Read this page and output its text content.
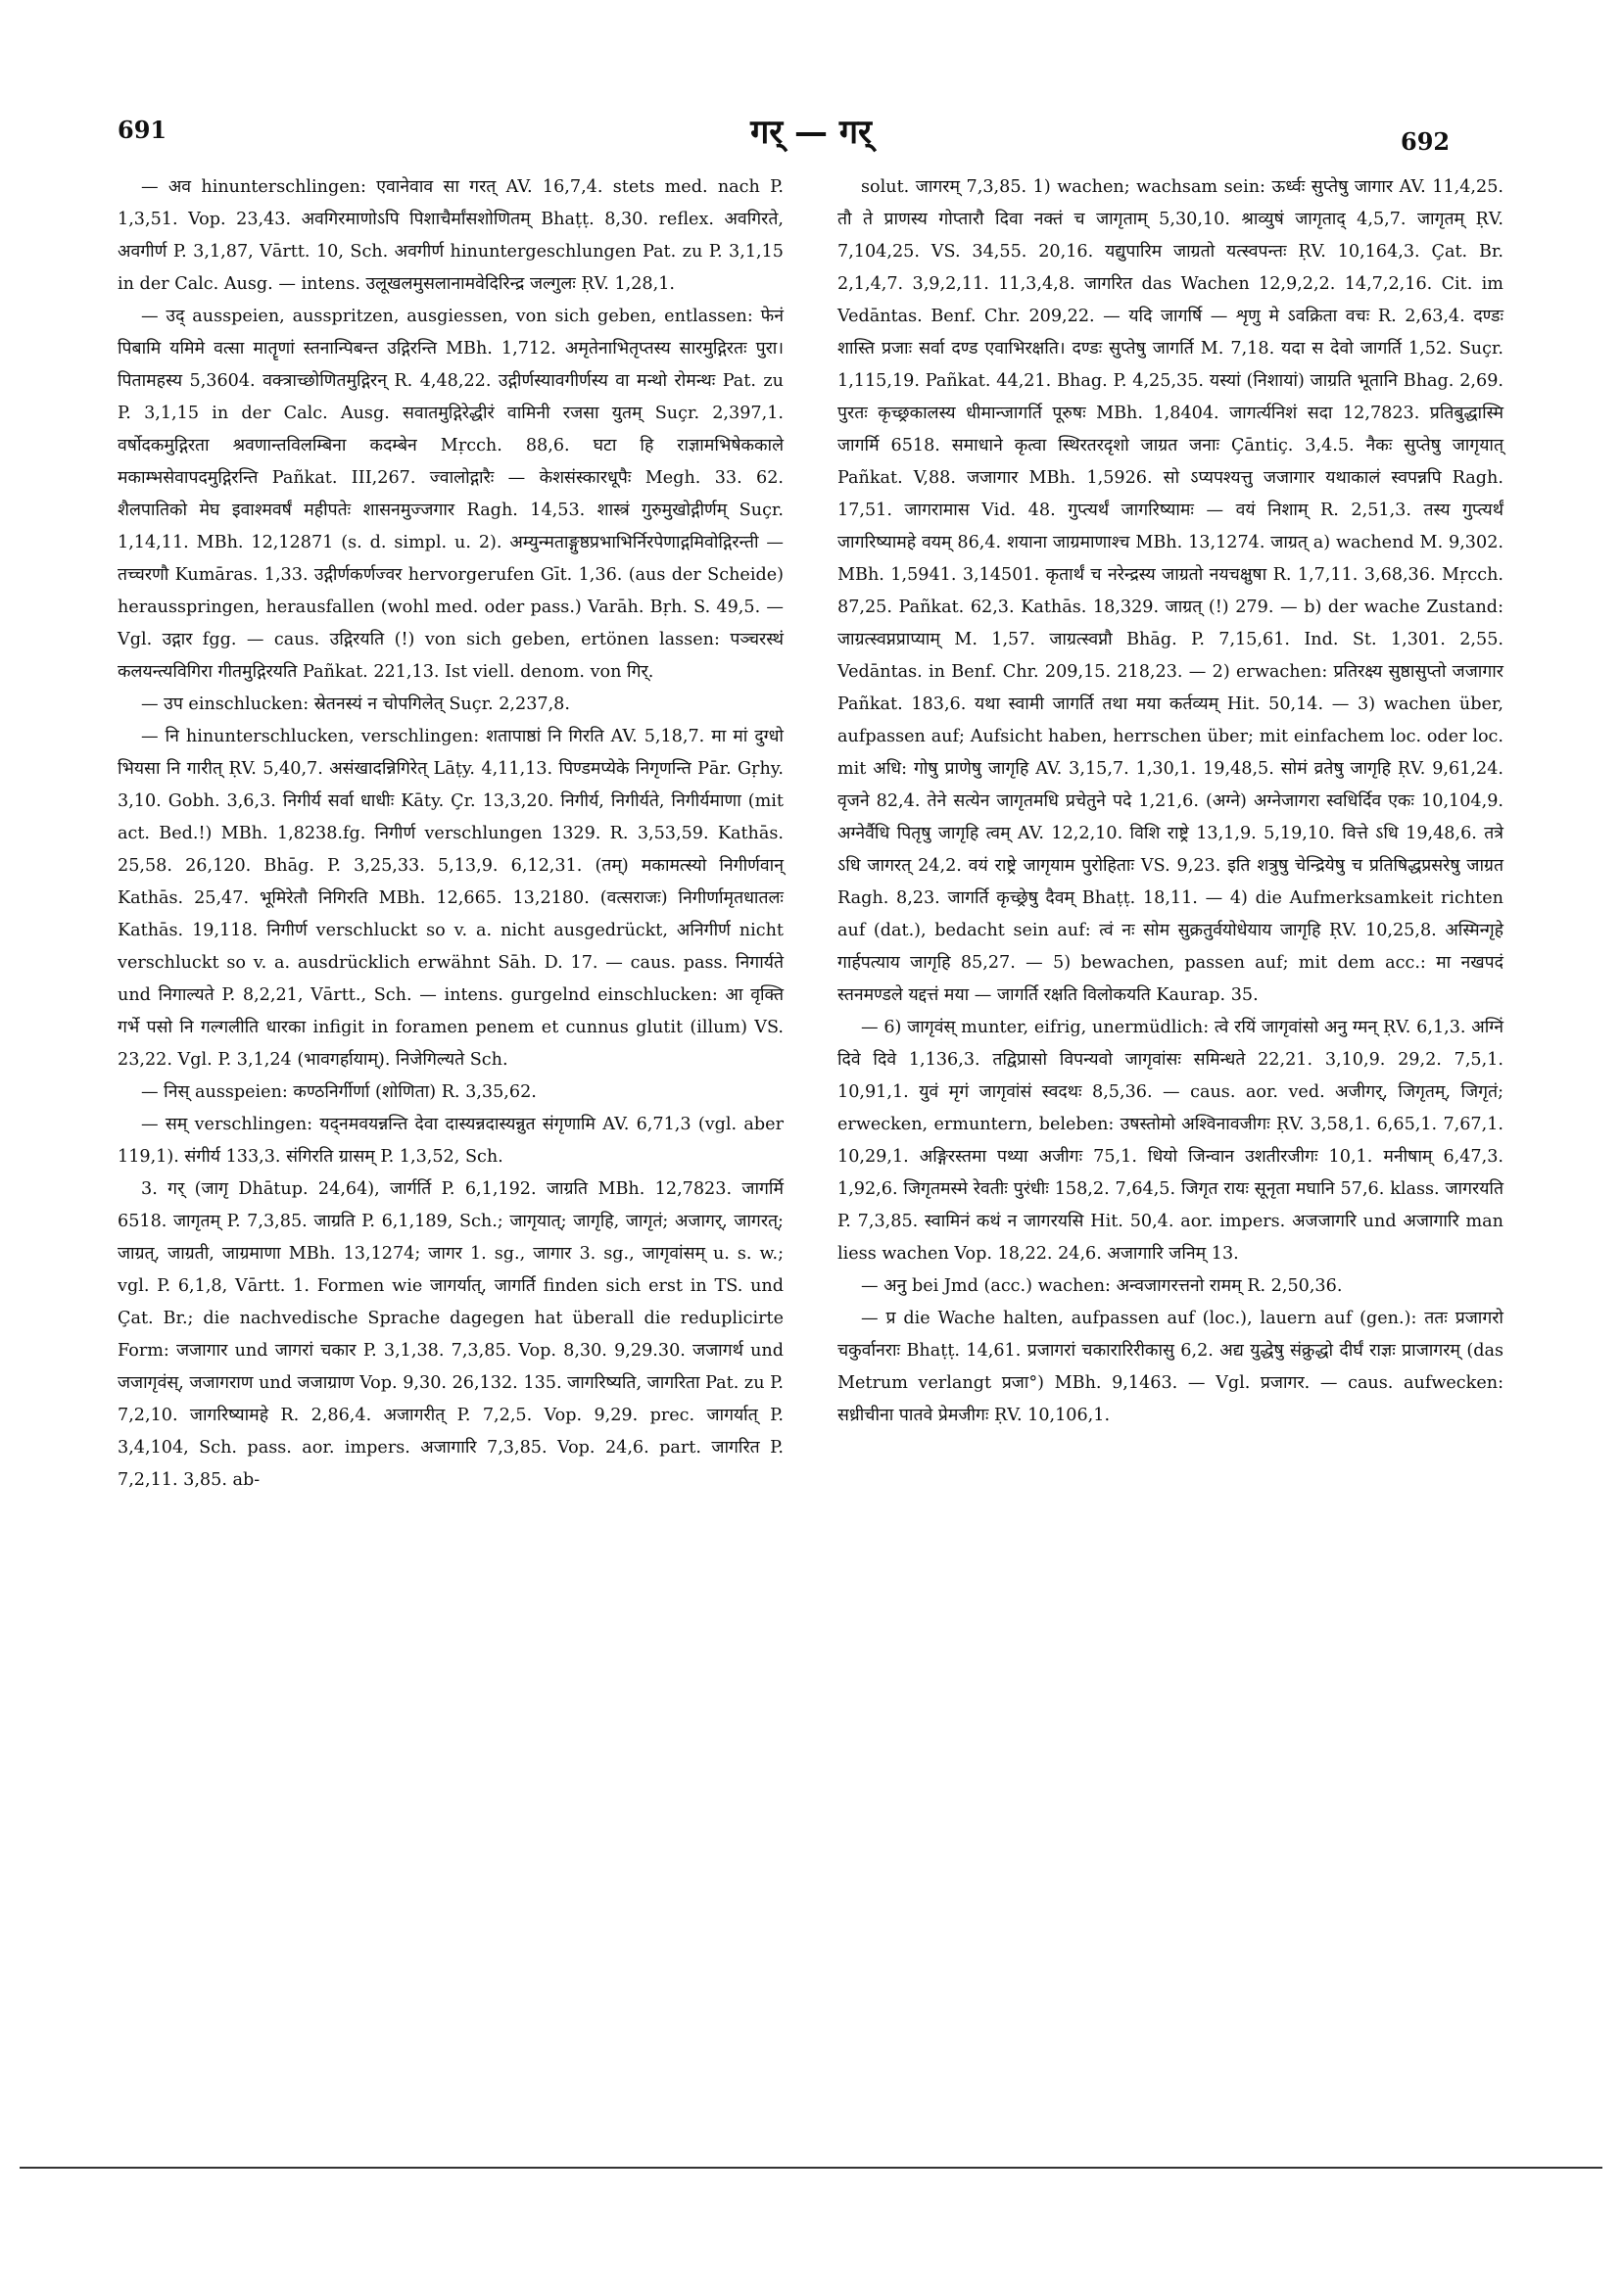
691	गर् — गर्	692

— अव hinunterschlingen: एवानेवाव सा गरत् AV. 16,7,4. stets med. nach P. 1,3,51. Vop. 23,43. अवगिरमाणोऽपि पिशाचैर्मांसशोणितम् Bhaṭṭ. 8,30. reflex. अवगिरते, अवगीर्ण P. 3,1,87, Vārtt. 10, Sch. अवगीर्ण hinuntergeschlungen Pat. zu P. 3,1,15 in der Calc. Ausg. — intens. उलूखलमुसलानामवेदिरिन्द्र जल्गुलः ṚV. 1,28,1.

— उद् ausspeien, ausspritzen, ausgiessen, von sich geben, entlassen: फेनं पिबामि यमिमे वत्सा मातॄणां स्तनान्पिबन्त उद्गिरन्ति MBh. 1,712. अमृतेनाभितृप्तस्य सारमुद्गिरतः पुरा। पितामहस्य 5,3604. वक्त्राच्छोणितमुद्गिरन् R. 4,48,22. उद्गीर्णस्यावगीर्णस्य वा मन्थो रोमन्थः Pat. zu P. 3,1,15 in der Calc. Ausg. सवातमुद्गिरेद्धीरं वामिनी रजसा युतम् Suçr. 2,397,1. वर्षोदकमुद्गिरता श्रवणान्तविलम्बिना कदम्बेन Mṛcch. 88,6. घटा हि राज्ञामभिषेककाले मकाम्भसेवापदमुद्गिरन्ति Pañkat. III,267. ज्वालोद्गारैः — केशसंस्कारधूपैः Megh. 33. 62. शैलपातिको मेघ इवाश्मवर्षं महीपतेः शासनमुज्जगार Ragh. 14,53. शास्त्रं गुरुमुखोद्गीर्णम् Suçr. 1,14,11. MBh. 12,12871 (s. d. simpl. u. 2). अम्युन्मताङ्गुष्ठप्रभाभिर्निरपेणाद्गमिवोद्गिरन्ती — तच्चरणौ Kumāras. 1,33. उद्गीर्णकर्णज्वर hervorgerufen Gīt. 1,36. (aus der Scheide) herausspringen, herausfallen (wohl med. oder pass.) Varāh. Bṛh. S. 49,5. — Vgl. उद्गार fgg. — caus. उद्गिरयति (!) von sich geben, ertönen lassen: पञ्चरस्थं कलयन्त्यविगिरा गीतमुद्गिरयति Pañkat. 221,13. Ist viell. denom. von गिर्.

— उप einschlucken: स्रेतनस्यं न चोपगिलेत् Suçr. 2,237,8.

— नि hinunterschlucken, verschlingen: शतापाष्ठां नि गिरति AV. 5,18,7. मा मां दुग्धो भियसा नि गारीत् ṚV. 5,40,7. असंखादन्निगिरेत् Lāṭy. 4,11,13. पिण्डमप्येके निगृणन्ति Pār. Gṛhy. 3,10. Gobh. 3,6,3. निगीर्य सर्वा धाधीः Kāty. Çr. 13,3,20. निगीर्य, निगीर्यते, निगीर्यमाणा (mit act. Bed.!) MBh. 1,8238.fg. निगीर्ण verschlungen 1329. R. 3,53,59. Kathās. 25,58. 26,120. Bhāg. P. 3,25,33. 5,13,9. 6,12,31. (तम्) मकामत्स्यो निगीर्णवान् Kathās. 25,47. भूमिरेतौ निगिरति MBh. 12,665. 13,2180. (वत्सराजः) निगीर्णामृतधातलः Kathās. 19,118. निगीर्ण verschluckt so v. a. nicht ausgedrückt, अनिगीर्ण nicht verschluckt so v. a. ausdrücklich erwähnt Sāh. D. 17. — caus. pass. निगार्यते und निगाल्यते P. 8,2,21, Vārtt., Sch. — intens. gurgelnd einschlucken: आ वृक्ति गर्भे पसो नि गल्गलीति धारका infigit in foramen penem et cunnus glutit (illum) VS. 23,22. Vgl. P. 3,1,24 (भावगर्हायाम्). निजेगिल्यते Sch.

— निस् ausspeien: कण्ठनिर्गीर्णा (शोणिता) R. 3,35,62.

— सम् verschlingen: यद्नमवयन्नन्ति देवा दास्यन्नदास्यन्नुत संगृणामि AV. 6,71,3 (vgl. aber 119,1). संगीर्य 133,3. संगिरति ग्रासम् P. 1,3,52, Sch.

3. गर् (जागृ Dhātup. 24,64), जार्गर्ति P. 6,1,192. जाग्रति MBh. 12,7823. जागर्मि 6518. जागृतम् P. 7,3,85. जाग्रति P. 6,1,189, Sch.; जागृयात्; जागृहि, जागृतं; अजागर्, जागरत्; जाग्रत्, जाग्रती, जाग्रमाणा MBh. 13,1274; जागर 1. sg., जागार 3. sg., जागृवांसम् u. s. w.; vgl. P. 6,1,8, Vārtt. 1. Formen wie जागर्यात्, जागर्ति finden sich erst in TS. und Çat. Br.; die nachvedische Sprache dagegen hat überall die reduplicirte Form: जजागार und जागरां चकार P. 3,1,38. 7,3,85. Vop. 8,30. 9,29.30. जजागर्थ und जजागृवंस्, जजागराण und जजाग्राण Vop. 9,30. 26,132. 135. जागरिष्यति, जागरिता Pat. zu P. 7,2,10. जागरिष्यामहे R. 2,86,4. अजागरीत् P. 7,2,5. Vop. 9,29. prec. जागर्यात् P. 3,4,104, Sch. pass. aor. impers. अजागारि 7,3,85. Vop. 24,6. part. जागरित P. 7,2,11. 3,85. ab-

solut. जागरम् 7,3,85. 1) wachen; wachsam sein: ऊर्ध्वः सुप्तेषु जागार AV. 11,4,25. तौ ते प्राणस्य गोप्तारौ दिवा नक्तं च जागृताम् 5,30,10. श्राव्युषं जागृताद् 4,5,7. जागृतम् ṚV. 7,104,25. VS. 34,55. 20,16. यद्युपारिम जाग्रतो यत्स्वपन्तः ṚV. 10,164,3. Çat. Br. 2,1,4,7. 3,9,2,11. 11,3,4,8. जागरित das Wachen 12,9,2,2. 14,7,2,16. Cit. im Vedāntas. Benf. Chr. 209,22. — यदि जागर्षि — शृणु मे ऽवक्रिता वचः R. 2,63,4. दण्डः शास्ति प्रजाः सर्वा दण्ड एवाभिरक्षति। दण्डः सुप्तेषु जागर्ति M. 7,18. यदा स देवो जागर्ति 1,52. Suçr. 1,115,19. Pañkat. 44,21. Bhag. P. 4,25,35. यस्यां (निशायां) जाग्रति भूतानि Bhag. 2,69. पुरतः कृच्छ्रकालस्य धीमान्जागर्ति पूरुषः MBh. 1,8404. जागर्त्यनिशं सदा 12,7823. प्रतिबुद्धास्मि जागर्मि 6518. समाधाने कृत्वा स्थिरतरदृशो जाग्रत जनाः Çāntiç. 3,4.5. नैकः सुप्तेषु जागृयात् Pañkat. V,88. जजागार MBh. 1,5926. सो ऽप्यपश्यत्तु जजागार यथाकालं स्वपन्नपि Ragh. 17,51. जागरामास Vid. 48. गुप्त्यर्थं जागरिष्यामः — वयं निशाम् R. 2,51,3. तस्य गुप्त्यर्थं जागरिष्यामहे वयम् 86,4. शयाना जाग्रमाणाश्च MBh. 13,1274. जाग्रत् a) wachend M. 9,302. MBh. 1,5941. 3,14501. कृतार्थं च नरेन्द्रस्य जाग्रतो नयचक्षुषा R. 1,7,11. 3,68,36. Mṛcch. 87,25. Pañkat. 62,3. Kathās. 18,329. जाग्रत् (!) 279. — b) der wache Zustand: जाग्रत्स्वप्नप्राप्याम् M. 1,57. जाग्रत्स्वप्नौ Bhāg. P. 7,15,61. Ind. St. 1,301. 2,55. Vedāntas. in Benf. Chr. 209,15. 218,23. — 2) erwachen: प्रतिरक्ष्य सुष्ठासुप्तो जजागार Pañkat. 183,6. यथा स्वामी जागर्ति तथा मया कर्तव्यम् Hit. 50,14. — 3) wachen über, aufpassen auf; Aufsicht haben, herrschen über; mit einfachem loc. oder loc. mit अधि: गोषु प्राणेषु जागृहि AV. 3,15,7. 1,30,1. 19,48,5. सोमं व्रतेषु जागृहि ṚV. 9,61,24. वृजने 82,4. तेने सत्येन जागृतमधि प्रचेतुने पदे 1,21,6. (अग्ने) अग्नेजागरा स्वधिर्दिव एकः 10,104,9. अग्नेर्वैधि पितृषु जागृहि त्वम् AV. 12,2,10. विशि राष्ट्रे 13,1,9. 5,19,10. वित्ते ऽधि 19,48,6. तत्रे ऽधि जागरत् 24,2. वयं राष्ट्रे जागृयाम पुरोहिताः VS. 9,23. इति शत्रुषु चेन्द्रियेषु च प्रतिषिद्धप्रसरेषु जाग्रत Ragh. 8,23. जागर्ति कृच्छ्रेषु दैवम् Bhaṭṭ. 18,11. — 4) die Aufmerksamkeit richten auf (dat.), bedacht sein auf: त्वं नः सोम सुक्रतुर्वयोधेयाय जागृहि ṚV. 10,25,8. अस्मिन्गृहे गार्हपत्याय जागृहि 85,27. — 5) bewachen, passen auf; mit dem acc.: मा नखपदं स्तनमण्डले यद्दत्तं मया — जागर्ति रक्षति विलोकयति Kaurap. 35.

— 6) जागृवंस् munter, eifrig, unermüdlich: त्वे रयिं जागृवांसो अनु ग्मन् ṚV. 6,1,3. अग्निं दिवे दिवे 1,136,3. तद्विप्रासो विपन्यवो जागृवांसः समिन्धते 22,21. 3,10,9. 29,2. 7,5,1. 10,91,1. युवं मृगं जागृवांसं स्वदथः 8,5,36. — caus. aor. ved. अजीगर्, जिगृतम्, जिगृतं; erwecken, ermuntern, beleben: उषस्तोमो अश्विनावजीगः ṚV. 3,58,1. 6,65,1. 7,67,1. 10,29,1. अङ्गिरस्तमा पथ्या अजीगः 75,1. धियो जिन्वान उशतीरजीगः 10,1. मनीषाम् 6,47,3. 1,92,6. जिगृतमस्मे रेवतीः पुरंधीः 158,2. 7,64,5. जिगृत रायः सूनृता मघानि 57,6. klass. जागरयति P. 7,3,85. स्वामिनं कथं न जागरयसि Hit. 50,4. aor. impers. अजजागरि und अजागारि man liess wachen Vop. 18,22. 24,6. अजागारि जनिम् 13.

— अनु bei Jmd (acc.) wachen: अन्वजागरत्तनो रामम् R. 2,50,36.

— प्र die Wache halten, aufpassen auf (loc.), lauern auf (gen.): ततः प्रजागरो चकुर्वानराः Bhaṭṭ. 14,61. प्रजागरां चकारारिरीकासु 6,2. अद्य युद्धेषु संक्रुद्धो दीर्घं राज्ञः प्राजागरम् (das Metrum verlangt प्रजा°) MBh. 9,1463. — Vgl. प्रजागर. — caus. aufwecken: सध्रीचीना पातवे प्रेमजीगः ṚV. 10,106,1.
